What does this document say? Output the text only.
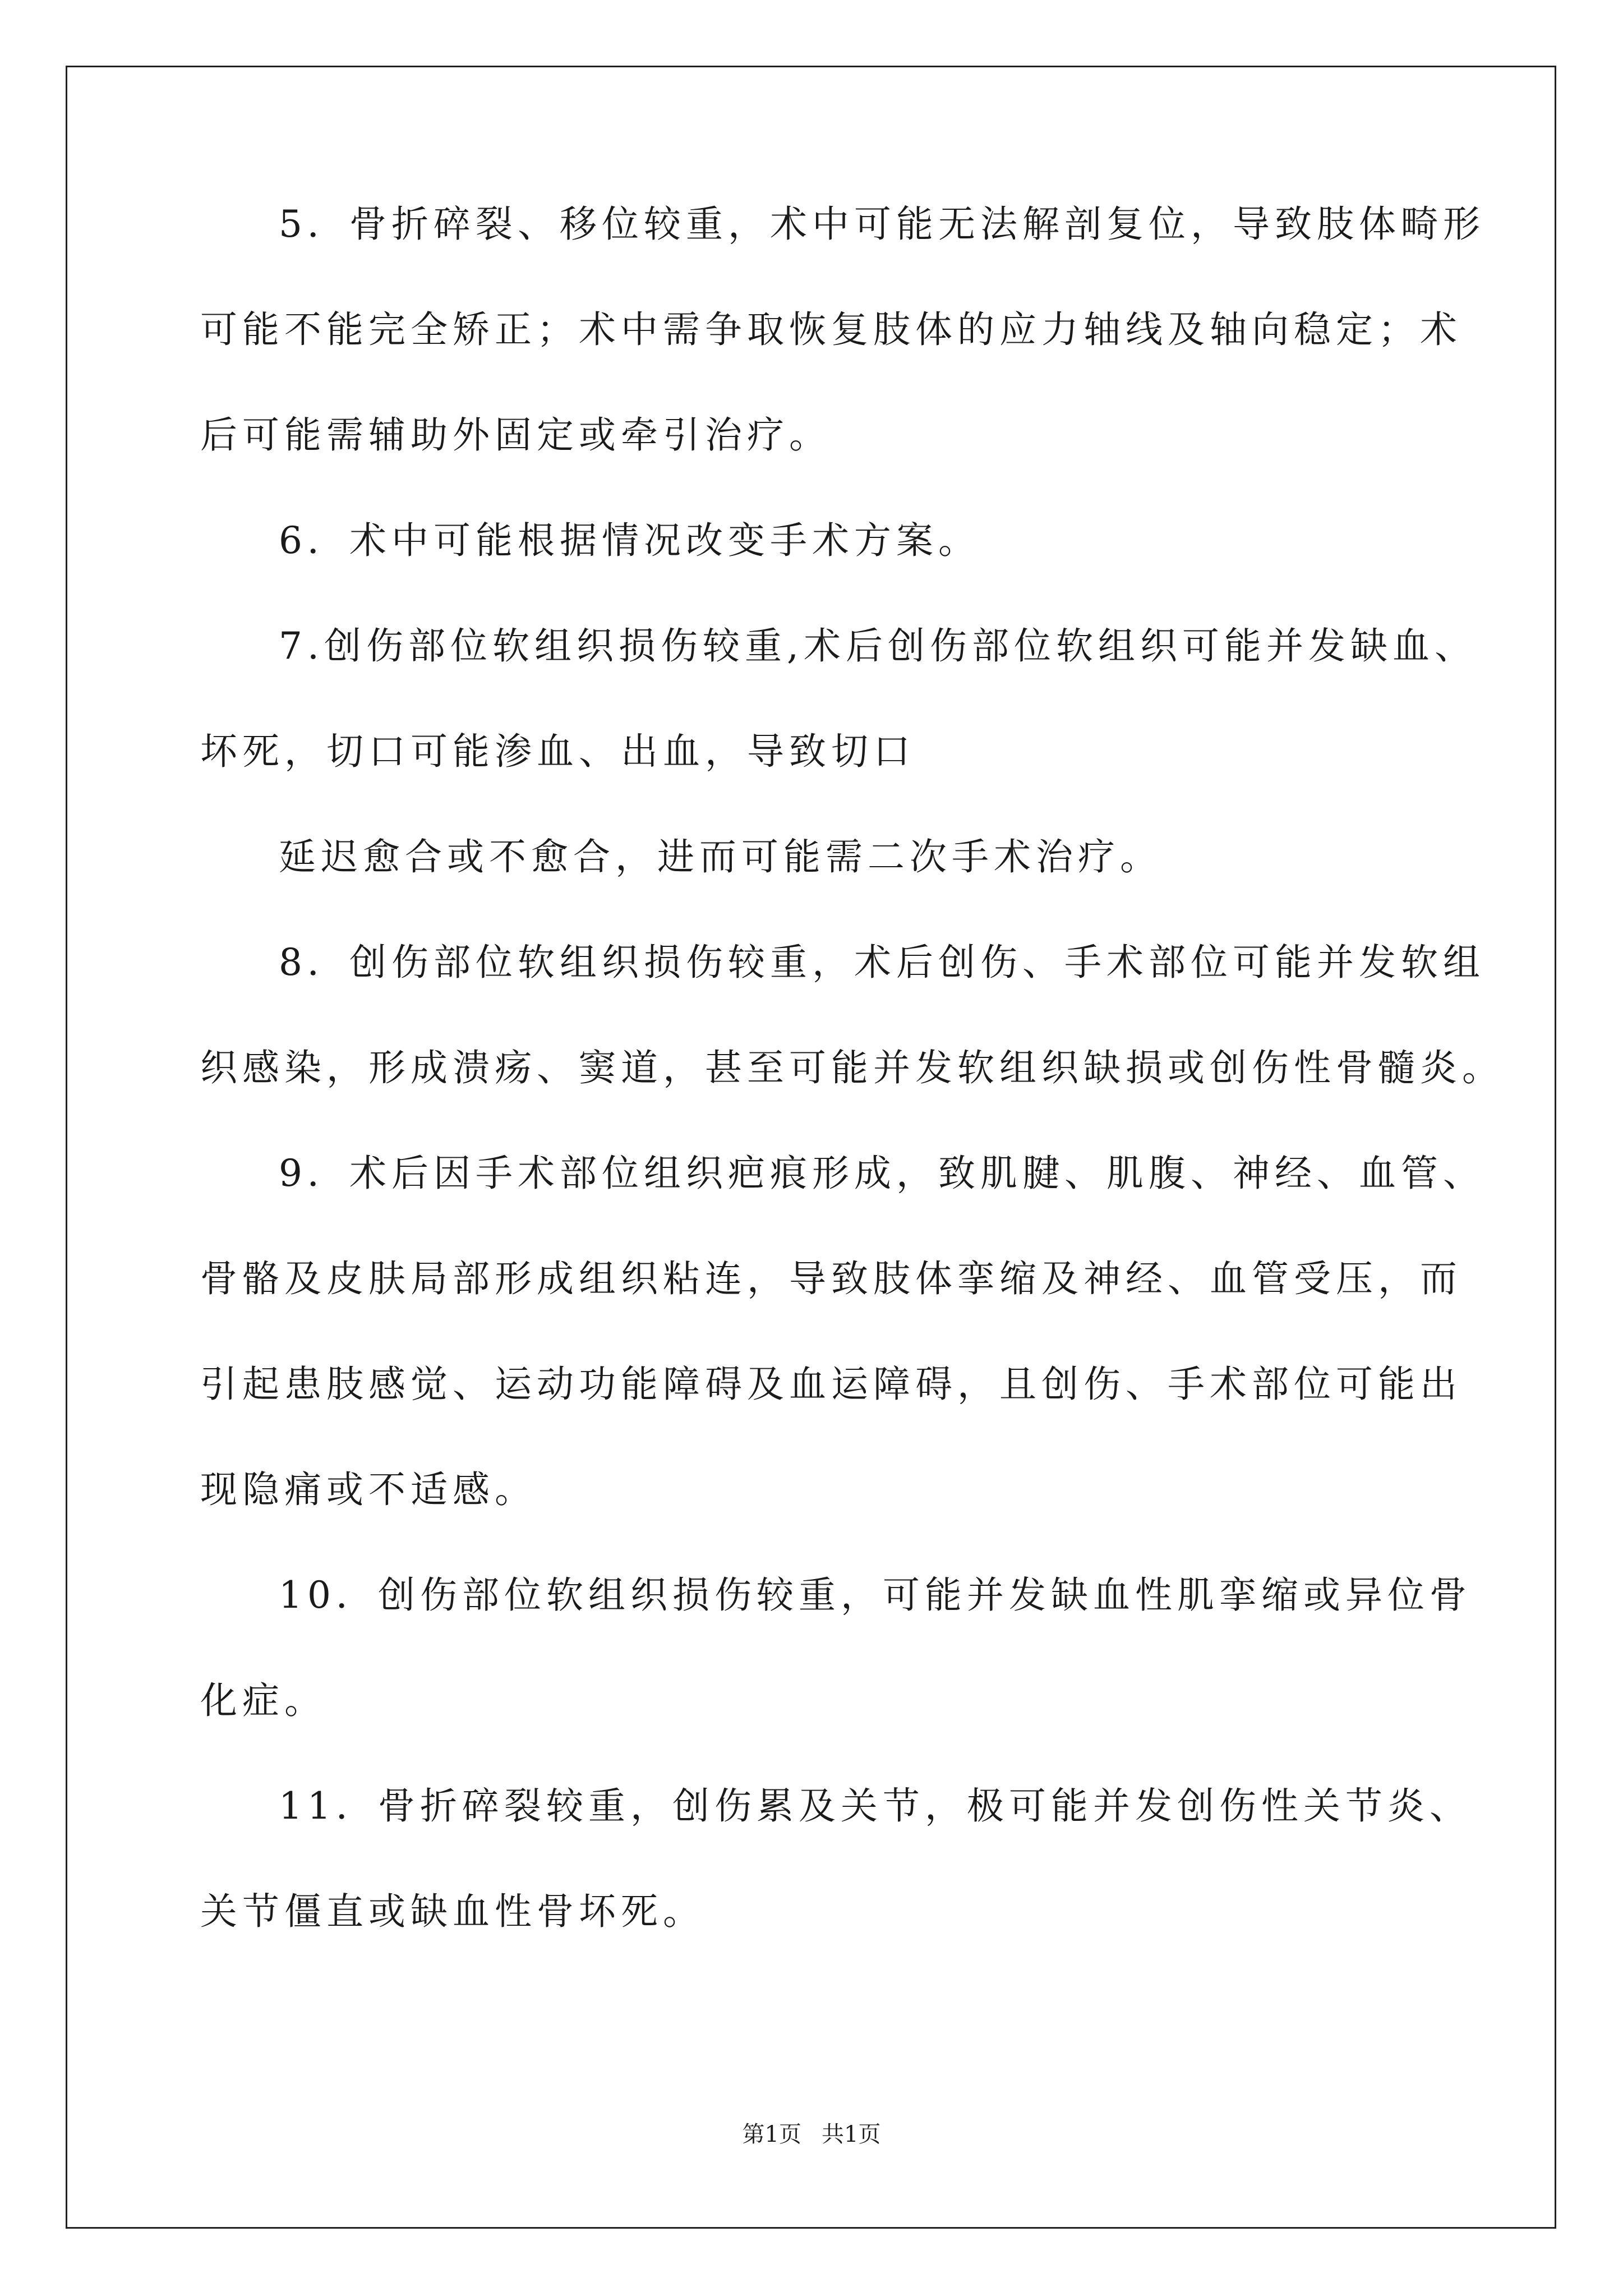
5．骨折碎裂、移位较重，术中可能无法解剖复位，导致肢体畸形
可能不能完全矫正；术中需争取恢复肢体的应力轴线及轴向稳定；术
后可能需辅助外固定或牵引治疗。
6．术中可能根据情况改变手术方案。
7.创伤部位软组织损伤较重,术后创伤部位软组织可能并发缺血、
坏死，切口可能渗血、出血，导致切口
延迟愈合或不愈合，进而可能需二次手术治疗。
8．创伤部位软组织损伤较重，术后创伤、手术部位可能并发软组
织感染，形成溃疡、窦道，甚至可能并发软组织缺损或创伤性骨髓炎。
9．术后因手术部位组织疤痕形成，致肌腱、肌腹、神经、血管、
骨骼及皮肤局部形成组织粘连，导致肢体挛缩及神经、血管受压，而
引起患肢感觉、运动功能障碍及血运障碍，且创伤、手术部位可能出
现隐痛或不适感。
10．创伤部位软组织损伤较重，可能并发缺血性肌挛缩或异位骨
化症。
11．骨折碎裂较重，创伤累及关节，极可能并发创伤性关节炎、
关节僵直或缺血性骨坏死。
第1页 共1页
